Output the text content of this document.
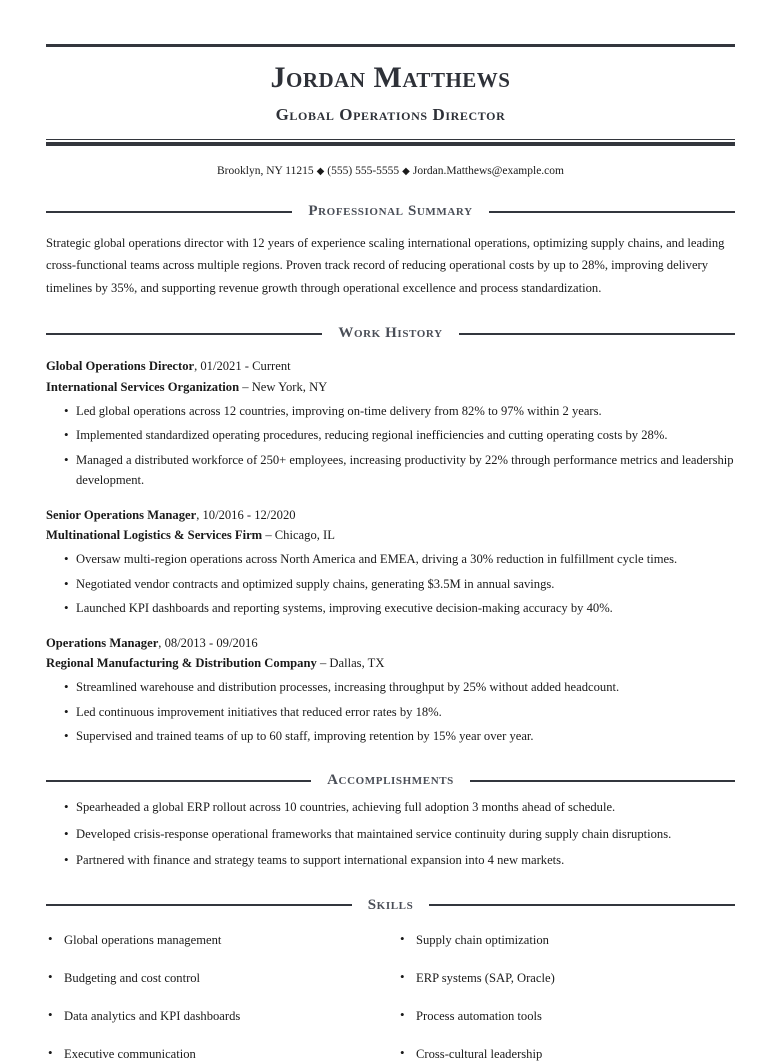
Jordan Matthews
Global Operations Director
Brooklyn, NY 11215 ◆ (555) 555-5555 ◆ Jordan.Matthews@example.com
Professional Summary

Strategic global operations director with 12 years of experience scaling international operations, optimizing supply chains, and leading cross-functional teams across multiple regions. Proven track record of reducing operational costs by up to 28%, improving delivery timelines by 35%, and supporting revenue growth through operational excellence and process standardization.

Work History
Global Operations Director, 01/2021 - Current
International Services Organization – New York, NY
• Led global operations across 12 countries, improving on-time delivery from 82% to 97% within 2 years.
• Implemented standardized operating procedures, reducing regional inefficiencies and cutting operating costs by 28%.
• Managed a distributed workforce of 250+ employees, increasing productivity by 22% through performance metrics and leadership development.
Senior Operations Manager, 10/2016 - 12/2020
Multinational Logistics & Services Firm – Chicago, IL
• Oversaw multi-region operations across North America and EMEA, driving a 30% reduction in fulfillment cycle times.
• Negotiated vendor contracts and optimized supply chains, generating $3.5M in annual savings.
• Launched KPI dashboards and reporting systems, improving executive decision-making accuracy by 40%.
Operations Manager, 08/2013 - 09/2016
Regional Manufacturing & Distribution Company – Dallas, TX
• Streamlined warehouse and distribution processes, increasing throughput by 25% without added headcount.
• Led continuous improvement initiatives that reduced error rates by 18%.
• Supervised and trained teams of up to 60 staff, improving retention by 15% year over year.
Accomplishments
• Spearheaded a global ERP rollout across 10 countries, achieving full adoption 3 months ahead of schedule.
• Developed crisis-response operational frameworks that maintained service continuity during supply chain disruptions.
• Partnered with finance and strategy teams to support international expansion into 4 new markets.
Skills
• Global operations management
• Budgeting and cost control
• Data analytics and KPI dashboards
• Executive communication
• Supply chain optimization
• ERP systems (SAP, Oracle)
• Process automation tools
• Cross-cultural leadership
